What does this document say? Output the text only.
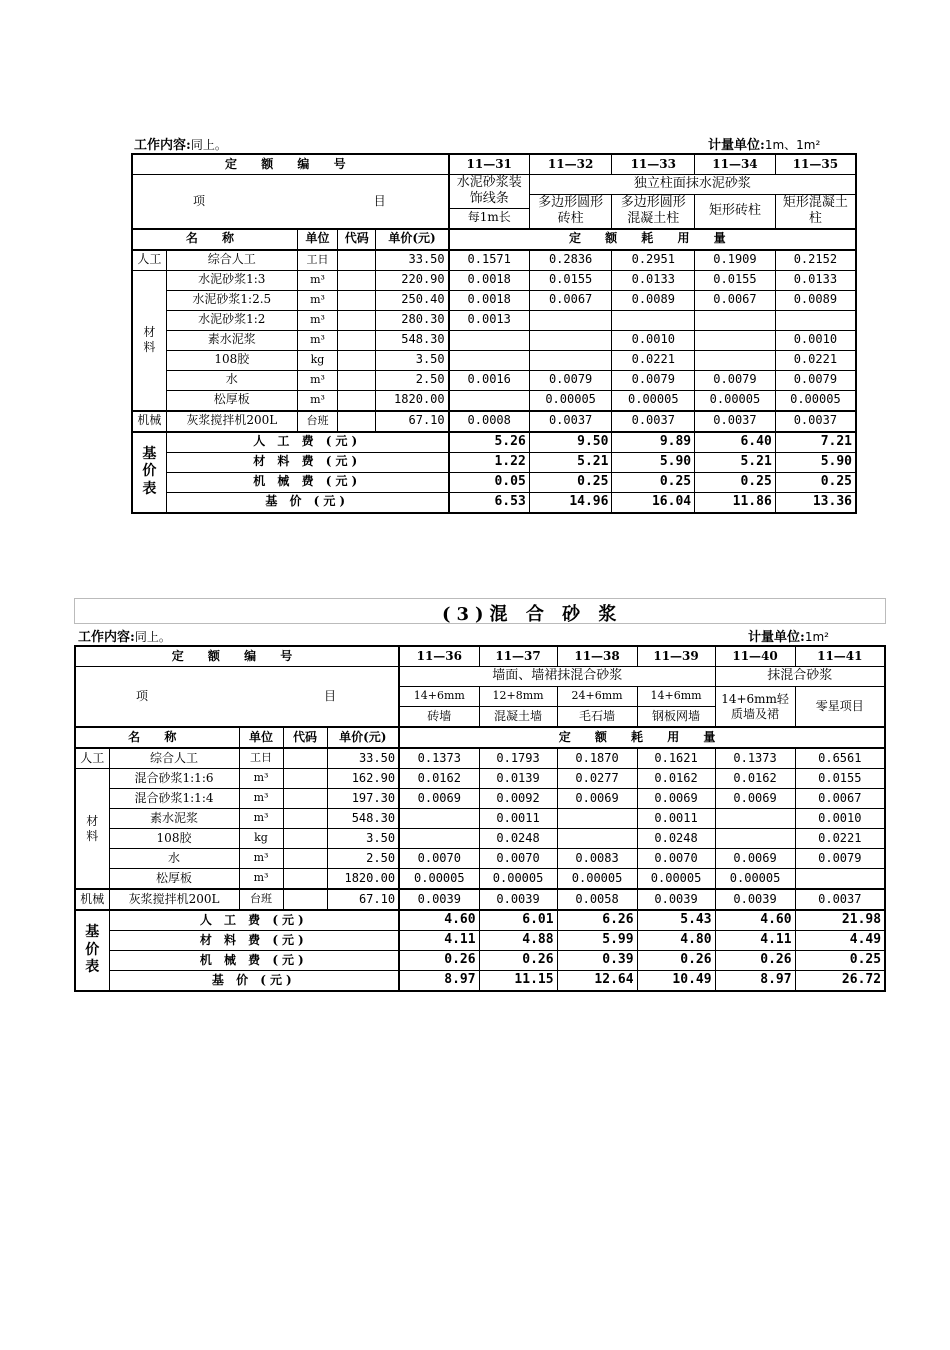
工作内容:同上。	计量单位:1m、1m²
定 额 编 号					11—31	11—32	11—33	11—34	11—35
项 目					水泥砂浆装饰线条	独立柱面抹水泥砂浆			
						多边形圆形砖柱	多边形圆形混凝土柱	矩形砖柱	矩形混凝土柱
					每1m长				
名 称		单位	代码	单价(元)	定 额 耗 用 量				
人工	综合人工	工日		33.50	0.1571	0.2836	0.2951	0.1909	0.2152
材料	水泥砂浆1:3	m³		220.90	0.0018	0.0155	0.0133	0.0155	0.0133
	水泥砂浆1:2.5	m³		250.40	0.0018	0.0067	0.0089	0.0067	0.0089
	水泥砂浆1:2	m³		280.30	0.0013				
	素水泥浆	m³		548.30			0.0010		0.0010
	108胶	kg		3.50			0.0221		0.0221
	水	m³		2.50	0.0016	0.0079	0.0079	0.0079	0.0079
	松厚板	m³		1820.00		0.00005	0.00005	0.00005	0.00005
机械	灰浆搅拌机200L	台班		67.10	0.0008	0.0037	0.0037	0.0037	0.0037
基价表	人 工 费 (元)				5.26	9.50	9.89	6.40	7.21
	材 料 费 (元)				1.22	5.21	5.90	5.21	5.90
	机 械 费 (元)				0.05	0.25	0.25	0.25	0.25
	基 价 (元)				6.53	14.96	16.04	11.86	13.36
(3)混 合 砂 浆
工作内容:同上。	计量单位:1m²
定 额 编 号					11—36	11—37	11—38	11—39	11—40	11—41
项 目					墙面、墙裙抹混合砂浆				抹混合砂浆	
					14+6mm	12+8mm	24+6mm	14+6mm	14+6mm轻质墙及裙	零星项目
					砖墙	混凝土墙	毛石墙	钢板网墙		
名 称		单位	代码	单价(元)	定 额 耗 用 量					
人工	综合人工	工日		33.50	0.1373	0.1793	0.1870	0.1621	0.1373	0.6561
材料	混合砂浆1:1:6	m³		162.90	0.0162	0.0139	0.0277	0.0162	0.0162	0.0155
	混合砂浆1:1:4	m³		197.30	0.0069	0.0092	0.0069	0.0069	0.0069	0.0067
	素水泥浆	m³		548.30		0.0011		0.0011		0.0010
	108胶	kg		3.50		0.0248		0.0248		0.0221
	水	m³		2.50	0.0070	0.0070	0.0083	0.0070	0.0069	0.0079
	松厚板	m³		1820.00	0.00005	0.00005	0.00005	0.00005	0.00005	
机械	灰浆搅拌机200L	台班		67.10	0.0039	0.0039	0.0058	0.0039	0.0039	0.0037
基价表	人 工 费 (元)				4.60	6.01	6.26	5.43	4.60	21.98
	材 料 费 (元)				4.11	4.88	5.99	4.80	4.11	4.49
	机 械 费 (元)				0.26	0.26	0.39	0.26	0.26	0.25
	基 价 (元)				8.97	11.15	12.64	10.49	8.97	26.72
